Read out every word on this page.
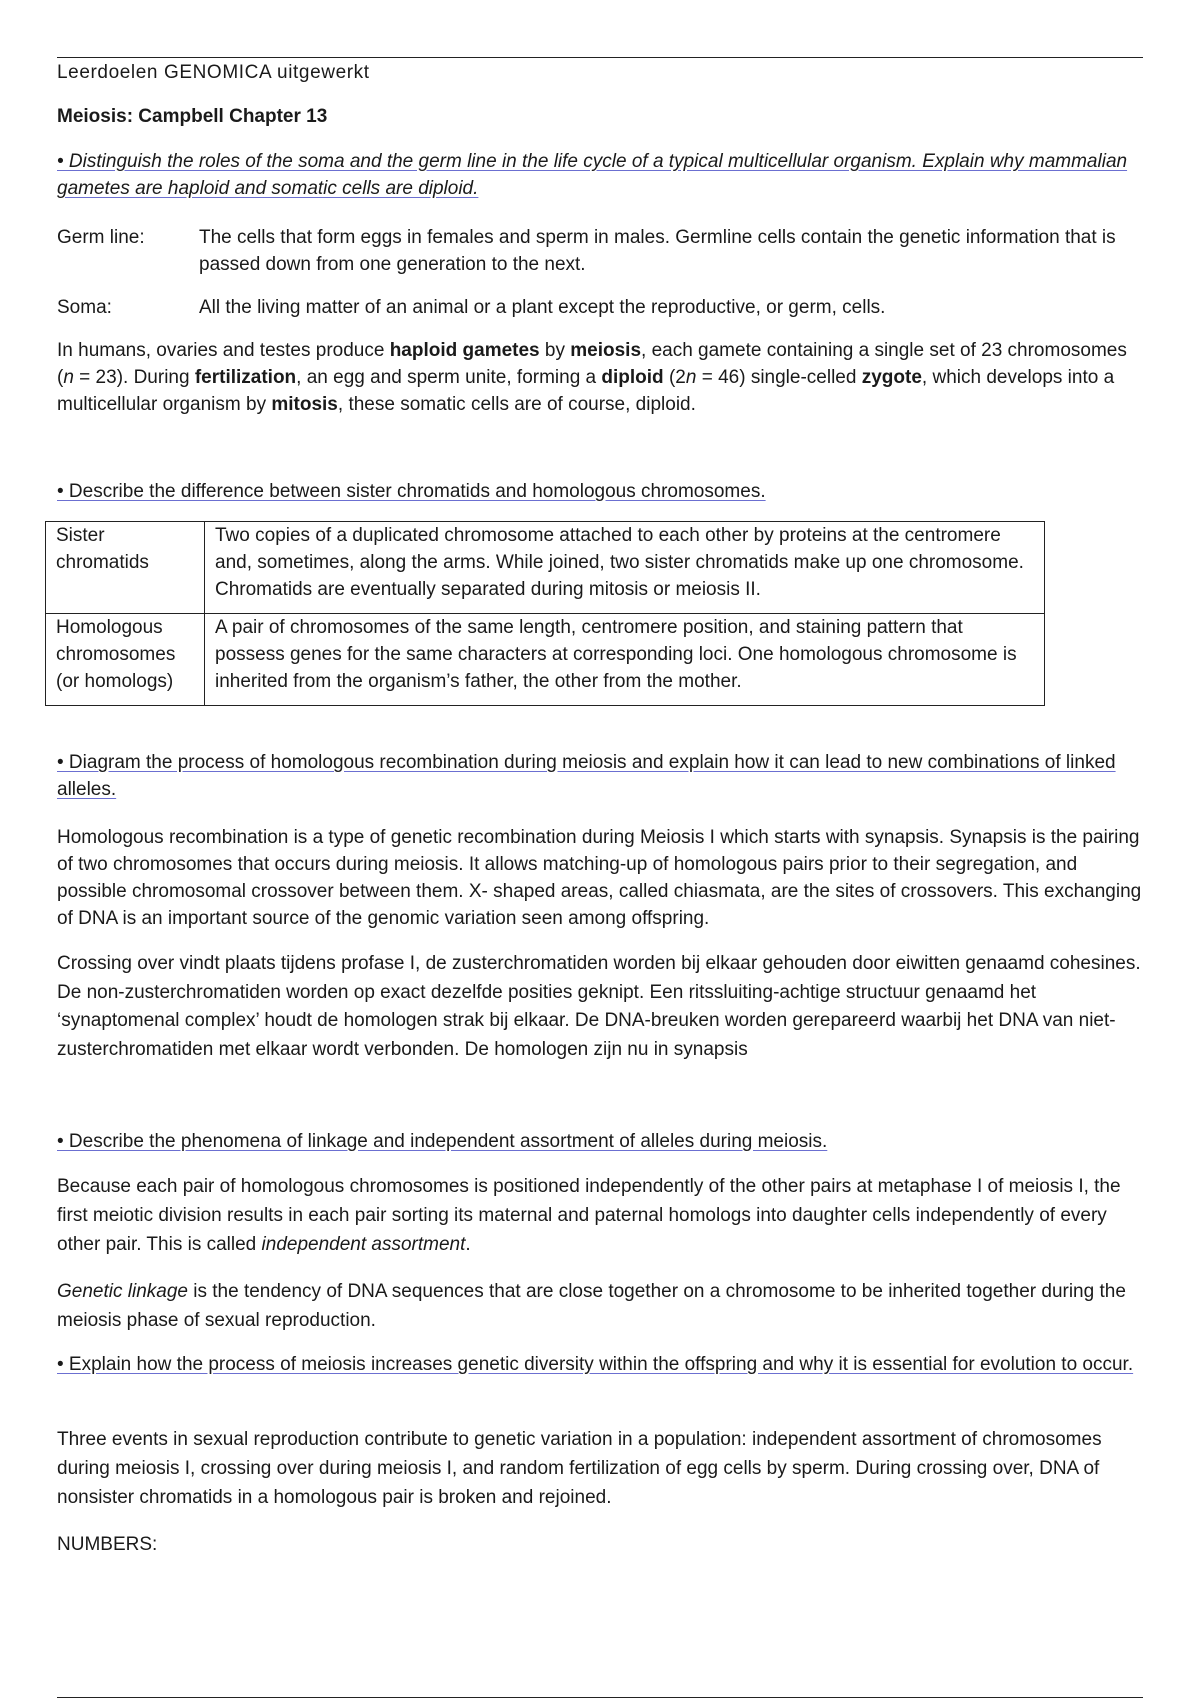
Leerdoelen GENOMICA uitgewerkt
Meiosis: Campbell Chapter 13
• Distinguish the roles of the soma and the germ line in the life cycle of a typical multicellular organism. Explain why mammalian gametes are haploid and somatic cells are diploid.
Germ line:	The cells that form eggs in females and sperm in males. Germline cells contain the genetic information that is passed down from one generation to the next.
Soma:	All the living matter of an animal or a plant except the reproductive, or germ, cells.

In humans, ovaries and testes produce haploid gametes by meiosis, each gamete containing a single set of 23 chromosomes (n = 23). During fertilization, an egg and sperm unite, forming a diploid (2n = 46) single-celled zygote, which develops into a multicellular organism by mitosis, these somatic cells are of course, diploid.

• Describe the difference between sister chromatids and homologous chromosomes.
Sister chromatids	Two copies of a duplicated chromosome attached to each other by proteins at the centromere and, sometimes, along the arms. While joined, two sister chromatids make up one chromosome. Chromatids are eventually separated during mitosis or meiosis II.
Homologous chromosomes (or homologs)	A pair of chromosomes of the same length, centromere position, and staining pattern that possess genes for the same characters at corresponding loci. One homologous chromosome is inherited from the organism’s father, the other from the mother.
• Diagram the process of homologous recombination during meiosis and explain how it can lead to new combinations of linked alleles.

Homologous recombination is a type of genetic recombination during Meiosis I which starts with synapsis. Synapsis is the pairing of two chromosomes that occurs during meiosis. It allows matching-up of homologous pairs prior to their segregation, and possible chromosomal crossover between them. X- shaped areas, called chiasmata, are the sites of crossovers. This exchanging of DNA is an important source of the genomic variation seen among offspring.

Crossing over vindt plaats tijdens profase I, de zusterchromatiden worden bij elkaar gehouden door eiwitten genaamd cohesines. De non-zusterchromatiden worden op exact dezelfde posities geknipt. Een ritssluiting-achtige structuur genaamd het ‘synaptomenal complex’ houdt de homologen strak bij elkaar. De DNA-breuken worden gerepareerd waarbij het DNA van niet-zusterchromatiden met elkaar wordt verbonden. De homologen zijn nu in synapsis

• Describe the phenomena of linkage and independent assortment of alleles during meiosis.

Because each pair of homologous chromosomes is positioned independently of the other pairs at metaphase I of meiosis I, the first meiotic division results in each pair sorting its maternal and paternal homologs into daughter cells independently of every other pair. This is called independent assortment.

Genetic linkage is the tendency of DNA sequences that are close together on a chromosome to be inherited together during the meiosis phase of sexual reproduction.

• Explain how the process of meiosis increases genetic diversity within the offspring and why it is essential for evolution to occur.

Three events in sexual reproduction contribute to genetic variation in a population: independent assortment of chromosomes during meiosis I, crossing over during meiosis I, and random fertilization of egg cells by sperm. During crossing over, DNA of nonsister chromatids in a homologous pair is broken and rejoined.

NUMBERS:
